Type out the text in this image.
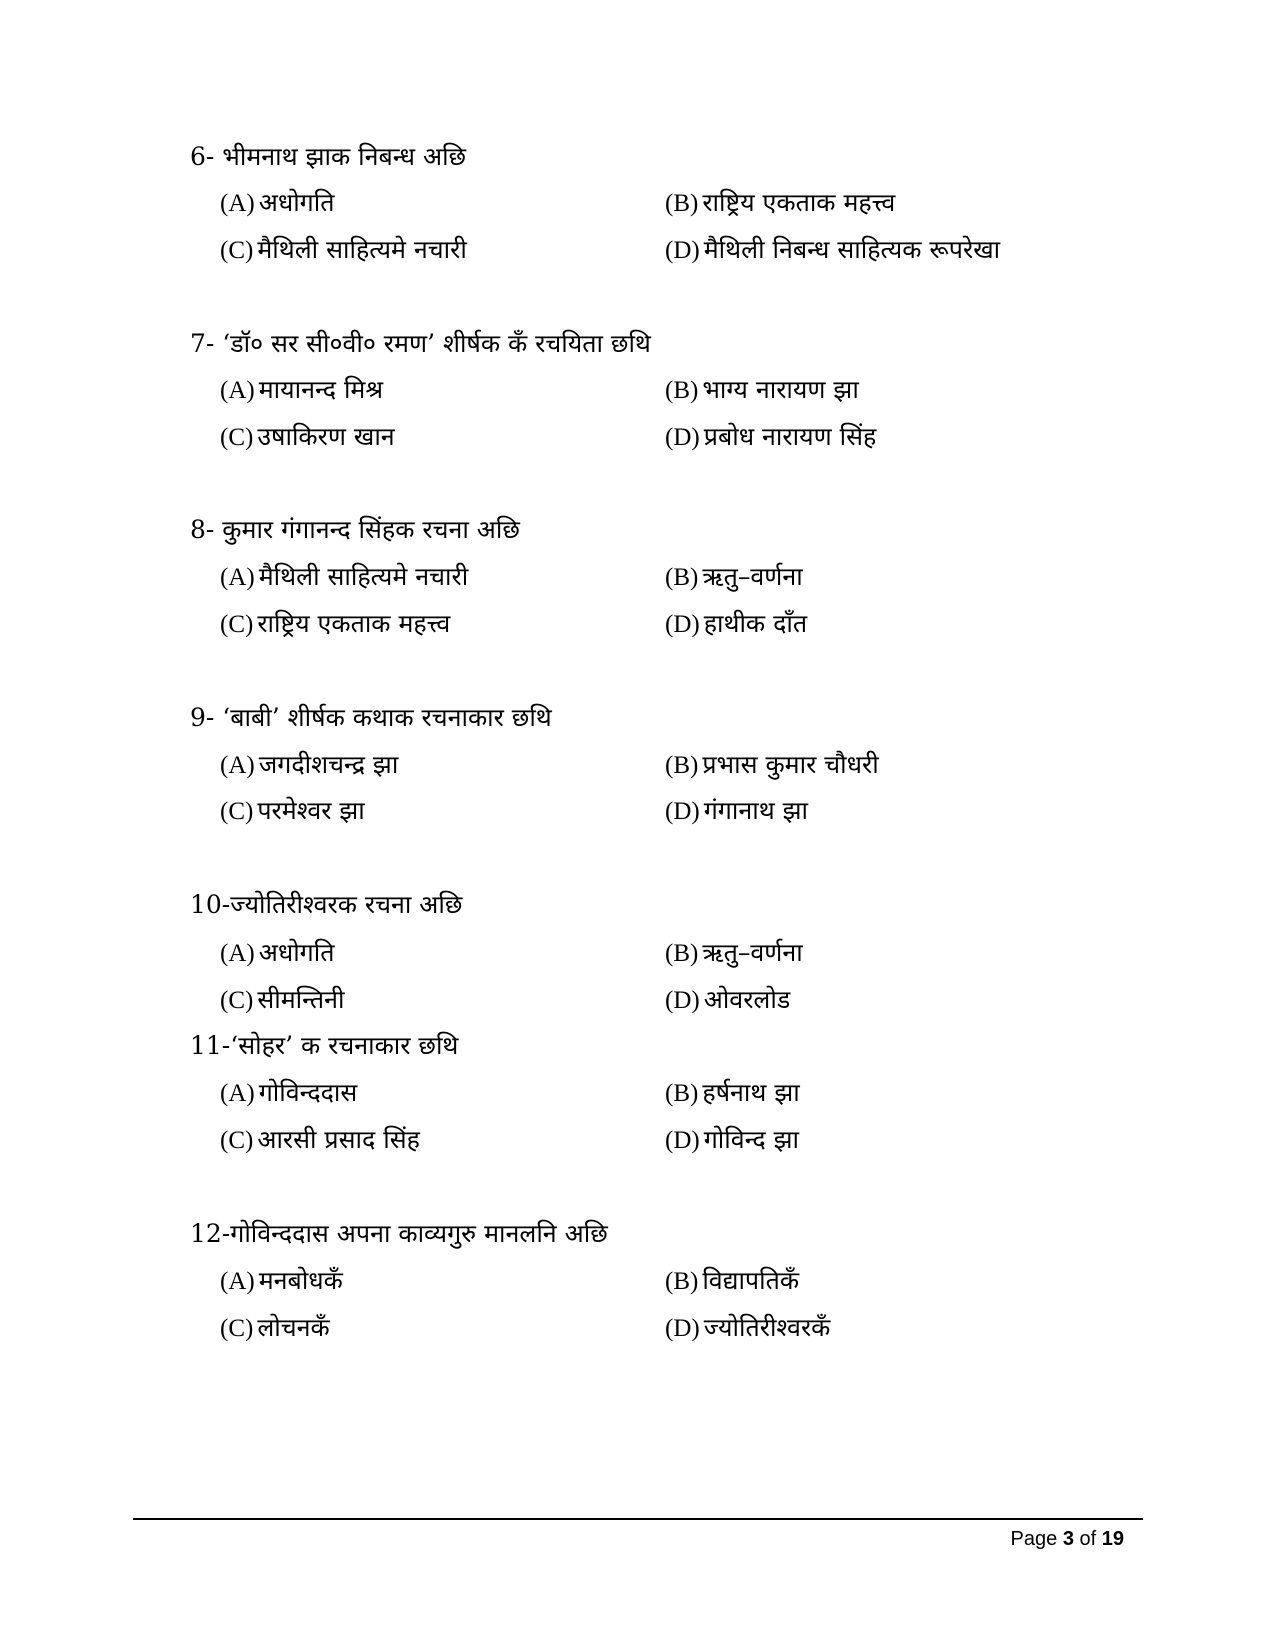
6- भीमनाथ झाक निबन्ध अछि
(A) अधोगति	(B) राष्ट्रिय एकताक महत्त्व
(C) मैथिली साहित्यमे नचारी	(D) मैथिली निबन्ध साहित्यक रूपरेखा
7- ‘डॉ० सर सी०वी० रमण’ शीर्षक कँ रचयिता छथि
(A) मायानन्द मिश्र	(B) भाग्य नारायण झा
(C) उषाकिरण खान	(D) प्रबोध नारायण सिंह
8- कुमार गंगानन्द सिंहक रचना अछि
(A) मैथिली साहित्यमे नचारी	(B) ऋतु–वर्णना
(C) राष्ट्रिय एकताक महत्त्व	(D) हाथीक दाँत
9- ‘बाबी’ शीर्षक कथाक रचनाकार छथि
(A) जगदीशचन्द्र झा	(B) प्रभास कुमार चौधरी
(C) परमेश्वर झा	(D) गंगानाथ झा
10-ज्योतिरीश्वरक रचना अछि
(A) अधोगति	(B) ऋतु–वर्णना
(C) सीमन्तिनी	(D) ओवरलोड
11-‘सोहर’ क रचनाकार छथि
(A) गोविन्ददास	(B) हर्षनाथ झा
(C) आरसी प्रसाद सिंह	(D) गोविन्द झा
12-गोविन्ददास अपना काव्यगुरु मानलनि अछि
(A) मनबोधकँ	(B) विद्यापतिकँ
(C) लोचनकँ	(D) ज्योतिरीश्वरकँ
Page 3 of 19
